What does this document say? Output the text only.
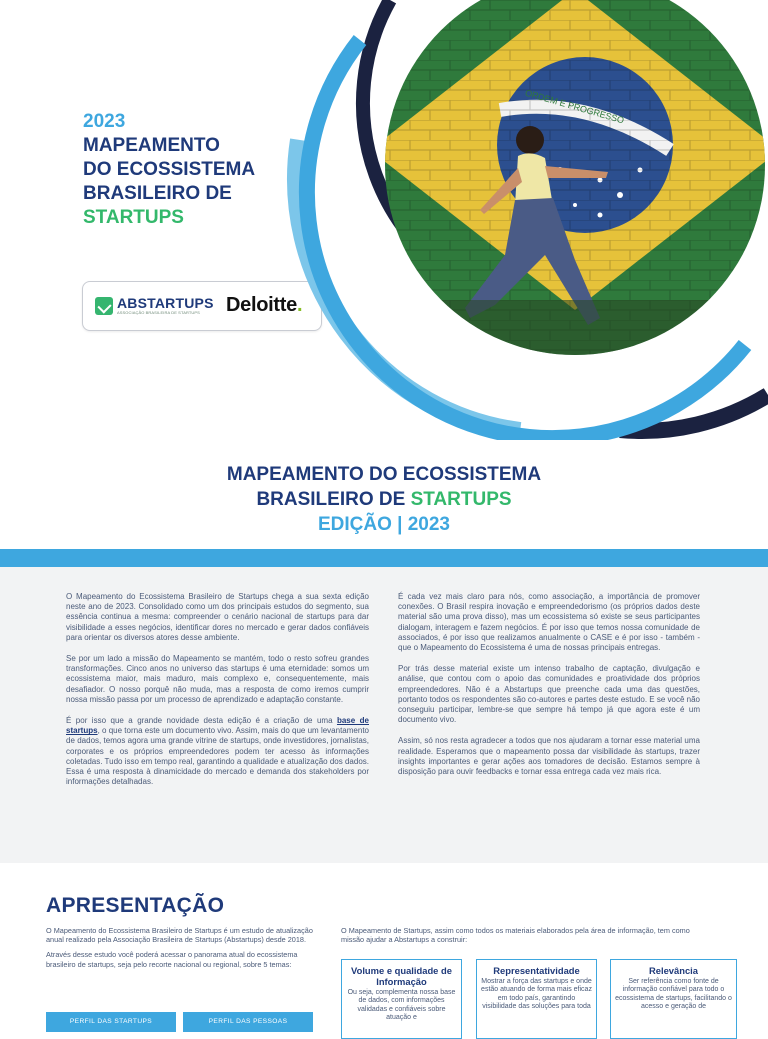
2023
MAPEAMENTO
DO ECOSSISTEMA
BRASILEIRO DE
STARTUPS
ABSTARTUPS
ASSOCIAÇÃO BRASILEIRA DE STARTUPS	Deloitte.
MAPEAMENTO DO ECOSSISTEMA
BRASILEIRO DE STARTUPS
EDIÇÃO | 2023

O Mapeamento do Ecossistema Brasileiro de Startups chega a sua sexta edição neste ano de 2023. Consolidado como um dos principais estudos do segmento, sua essência continua a mesma: compreender o cenário nacional de startups para dar visibilidade a esses negócios, identificar dores no mercado e gerar dados confiáveis para orientar os diversos atores desse ambiente.

Se por um lado a missão do Mapeamento se mantém, todo o resto sofreu grandes transformações. Cinco anos no universo das startups é uma eternidade: somos um ecossistema maior, mais maduro, mais complexo e, consequentemente, mais desafiador. O nosso porquê não muda, mas a resposta de como iremos cumprir nossa missão passa por um processo de aprendizado e adaptação constante.

É por isso que a grande novidade desta edição é a criação de uma base de startups, o que torna este um documento vivo. Assim, mais do que um levantamento de dados, temos agora uma grande vitrine de startups, onde investidores, jornalistas, corporates e os próprios empreendedores podem ter acesso às informações coletadas. Tudo isso em tempo real, garantindo a qualidade e atualização dos dados. Essa é uma resposta à dinamicidade do mercado e demanda dos stakeholders por informações detalhadas.

É cada vez mais claro para nós, como associação, a importância de promover conexões. O Brasil respira inovação e empreendedorismo (os próprios dados deste material são uma prova disso), mas um ecossistema só existe se seus participantes dialogam, interagem e fazem negócios. É por isso que temos nossa comunidade de associados, é por isso que realizamos anualmente o CASE e é por isso - também - que o Mapeamento do Ecossistema é uma de nossas principais entregas.

Por trás desse material existe um intenso trabalho de captação, divulgação e análise, que contou com o apoio das comunidades e proatividade dos próprios empreendedores. Não é a Abstartups que preenche cada uma das questões, portanto todos os respondentes são co-autores e partes deste estudo. E se você não conseguiu participar, lembre-se que sempre há tempo já que agora este é um documento vivo.

Assim, só nos resta agradecer a todos que nos ajudaram a tornar esse material uma realidade. Esperamos que o mapeamento possa dar visibilidade às startups, trazer insights importantes e gerar ações aos tomadores de decisão. Estamos sempre à disposição para ouvir feedbacks e tornar essa entrega cada vez mais rica.

APRESENTAÇÃO

O Mapeamento do Ecossistema Brasileiro de Startups é um estudo de atualização anual realizado pela Associação Brasileira de Startups (Abstartups) desde 2018.

Através desse estudo você poderá acessar o panorama atual do ecossistema brasileiro de startups, seja pelo recorte nacional ou regional, sobre 5 temas:

O Mapeamento de Startups, assim como todos os materiais elaborados pela área de informação, tem como missão ajudar a Abstartups a construir:
PERFIL DAS STARTUPS	PERFIL DAS PESSOAS
Volume e qualidade de Informação
Ou seja, complementa nossa base de dados, com informações validadas e confiáveis sobre atuação e
Representatividade
Mostrar a força das startups e onde estão atuando de forma mais eficaz em todo país, garantindo visibilidade das soluções para toda
Relevância
Ser referência como fonte de informação confiável para todo o ecossistema de startups, facilitando o acesso e geração de
